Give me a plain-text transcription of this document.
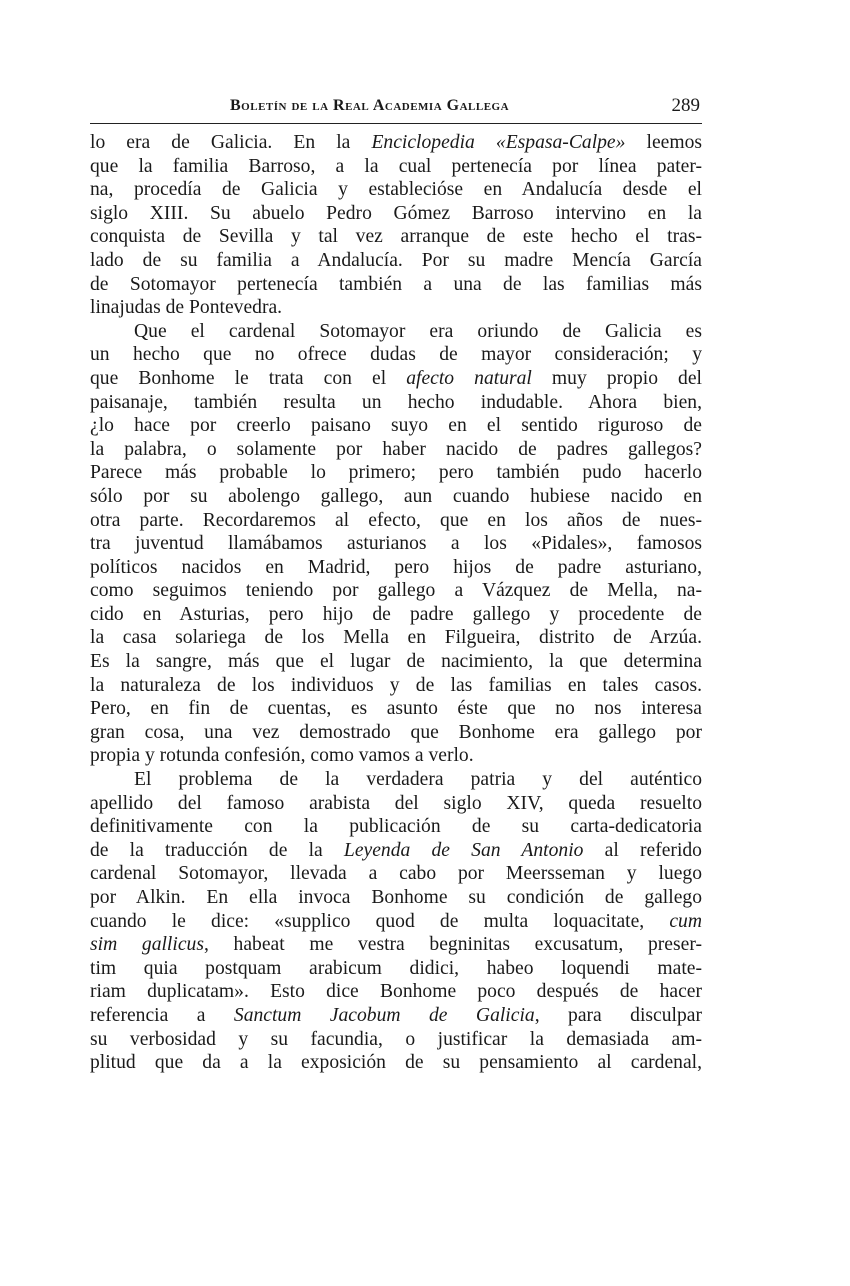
Boletín de la Real Academia Gallega	289
lo era de Galicia. En la Enciclopedia «Espasa-Calpe» leemos
que la familia Barroso, a la cual pertenecía por línea pater-
na, procedía de Galicia y establecióse en Andalucía desde el
siglo XIII. Su abuelo Pedro Gómez Barroso intervino en la
conquista de Sevilla y tal vez arranque de este hecho el tras-
lado de su familia a Andalucía. Por su madre Mencía García
de Sotomayor pertenecía también a una de las familias más
linajudas de Pontevedra.
Que el cardenal Sotomayor era oriundo de Galicia es
un hecho que no ofrece dudas de mayor consideración; y
que Bonhome le trata con el afecto natural muy propio del
paisanaje, también resulta un hecho indudable. Ahora bien,
¿lo hace por creerlo paisano suyo en el sentido riguroso de
la palabra, o solamente por haber nacido de padres gallegos?
Parece más probable lo primero; pero también pudo hacerlo
sólo por su abolengo gallego, aun cuando hubiese nacido en
otra parte. Recordaremos al efecto, que en los años de nues-
tra juventud llamábamos asturianos a los «Pidales», famosos
políticos nacidos en Madrid, pero hijos de padre asturiano,
como seguimos teniendo por gallego a Vázquez de Mella, na-
cido en Asturias, pero hijo de padre gallego y procedente de
la casa solariega de los Mella en Filgueira, distrito de Arzúa.
Es la sangre, más que el lugar de nacimiento, la que determina
la naturaleza de los individuos y de las familias en tales casos.
Pero, en fin de cuentas, es asunto éste que no nos interesa
gran cosa, una vez demostrado que Bonhome era gallego por
propia y rotunda confesión, como vamos a verlo.
El problema de la verdadera patria y del auténtico
apellido del famoso arabista del siglo XIV, queda resuelto
definitivamente con la publicación de su carta-dedicatoria
de la traducción de la Leyenda de San Antonio al referido
cardenal Sotomayor, llevada a cabo por Meersseman y luego
por Alkin. En ella invoca Bonhome su condición de gallego
cuando le dice: «supplico quod de multa loquacitate, cum
sim gallicus, habeat me vestra begninitas excusatum, preser-
tim quia postquam arabicum didici, habeo loquendi mate-
riam duplicatam». Esto dice Bonhome poco después de hacer
referencia a Sanctum Jacobum de Galicia, para disculpar
su verbosidad y su facundia, o justificar la demasiada am-
plitud que da a la exposición de su pensamiento al cardenal,
